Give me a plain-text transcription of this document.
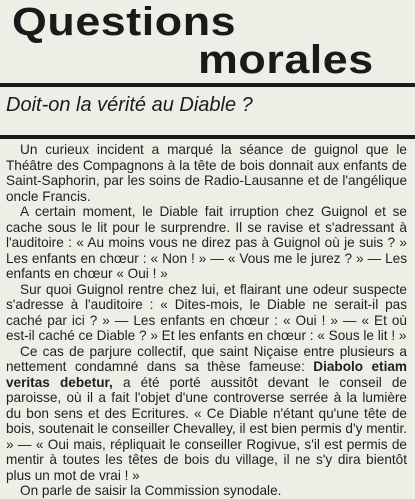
Questions
morales
Doit-on la vérité au Diable ?

Un curieux incident a marqué la séance de guignol que le Théâtre des Compagnons à la tête de bois donnait aux enfants de Saint-Saphorin, par les soins de Radio-Lausanne et de l'angélique oncle Francis.

A certain moment, le Diable fait irruption chez Guignol et se cache sous le lit pour le surprendre. Il se ravise et s'adressant à l'auditoire : « Au moins vous ne direz pas à Guignol où je suis ? » Les enfants en chœur : « Non ! » — « Vous me le jurez ? » — Les enfants en chœur « Oui ! »

Sur quoi Guignol rentre chez lui, et flairant une odeur suspecte s'adresse à l'auditoire : « Dites-mois, le Diable ne serait-il pas caché par ici ? » — Les enfants en chœur : « Oui ! » — « Et où est-il caché ce Diable ? » Et les enfants en chœur : « Sous le lit ! »

Ce cas de parjure collectif, que saint Niçaise entre plusieurs a nettement condamné dans sa thèse fameuse: Diabolo etiam veritas debetur, a été porté aussitôt devant le conseil de paroisse, où il a fait l'objet d'une controverse serrée à la lumière du bon sens et des Ecritures. « Ce Diable n'étant qu'une tête de bois, soutenait le conseiller Chevalley, il est bien permis d'y mentir. » — « Oui mais, répliquait le conseiller Rogivue, s'il est permis de mentir à toutes les têtes de bois du village, il ne s'y dira bientôt plus un mot de vrai ! »

On parle de saisir la Commission synodale.
